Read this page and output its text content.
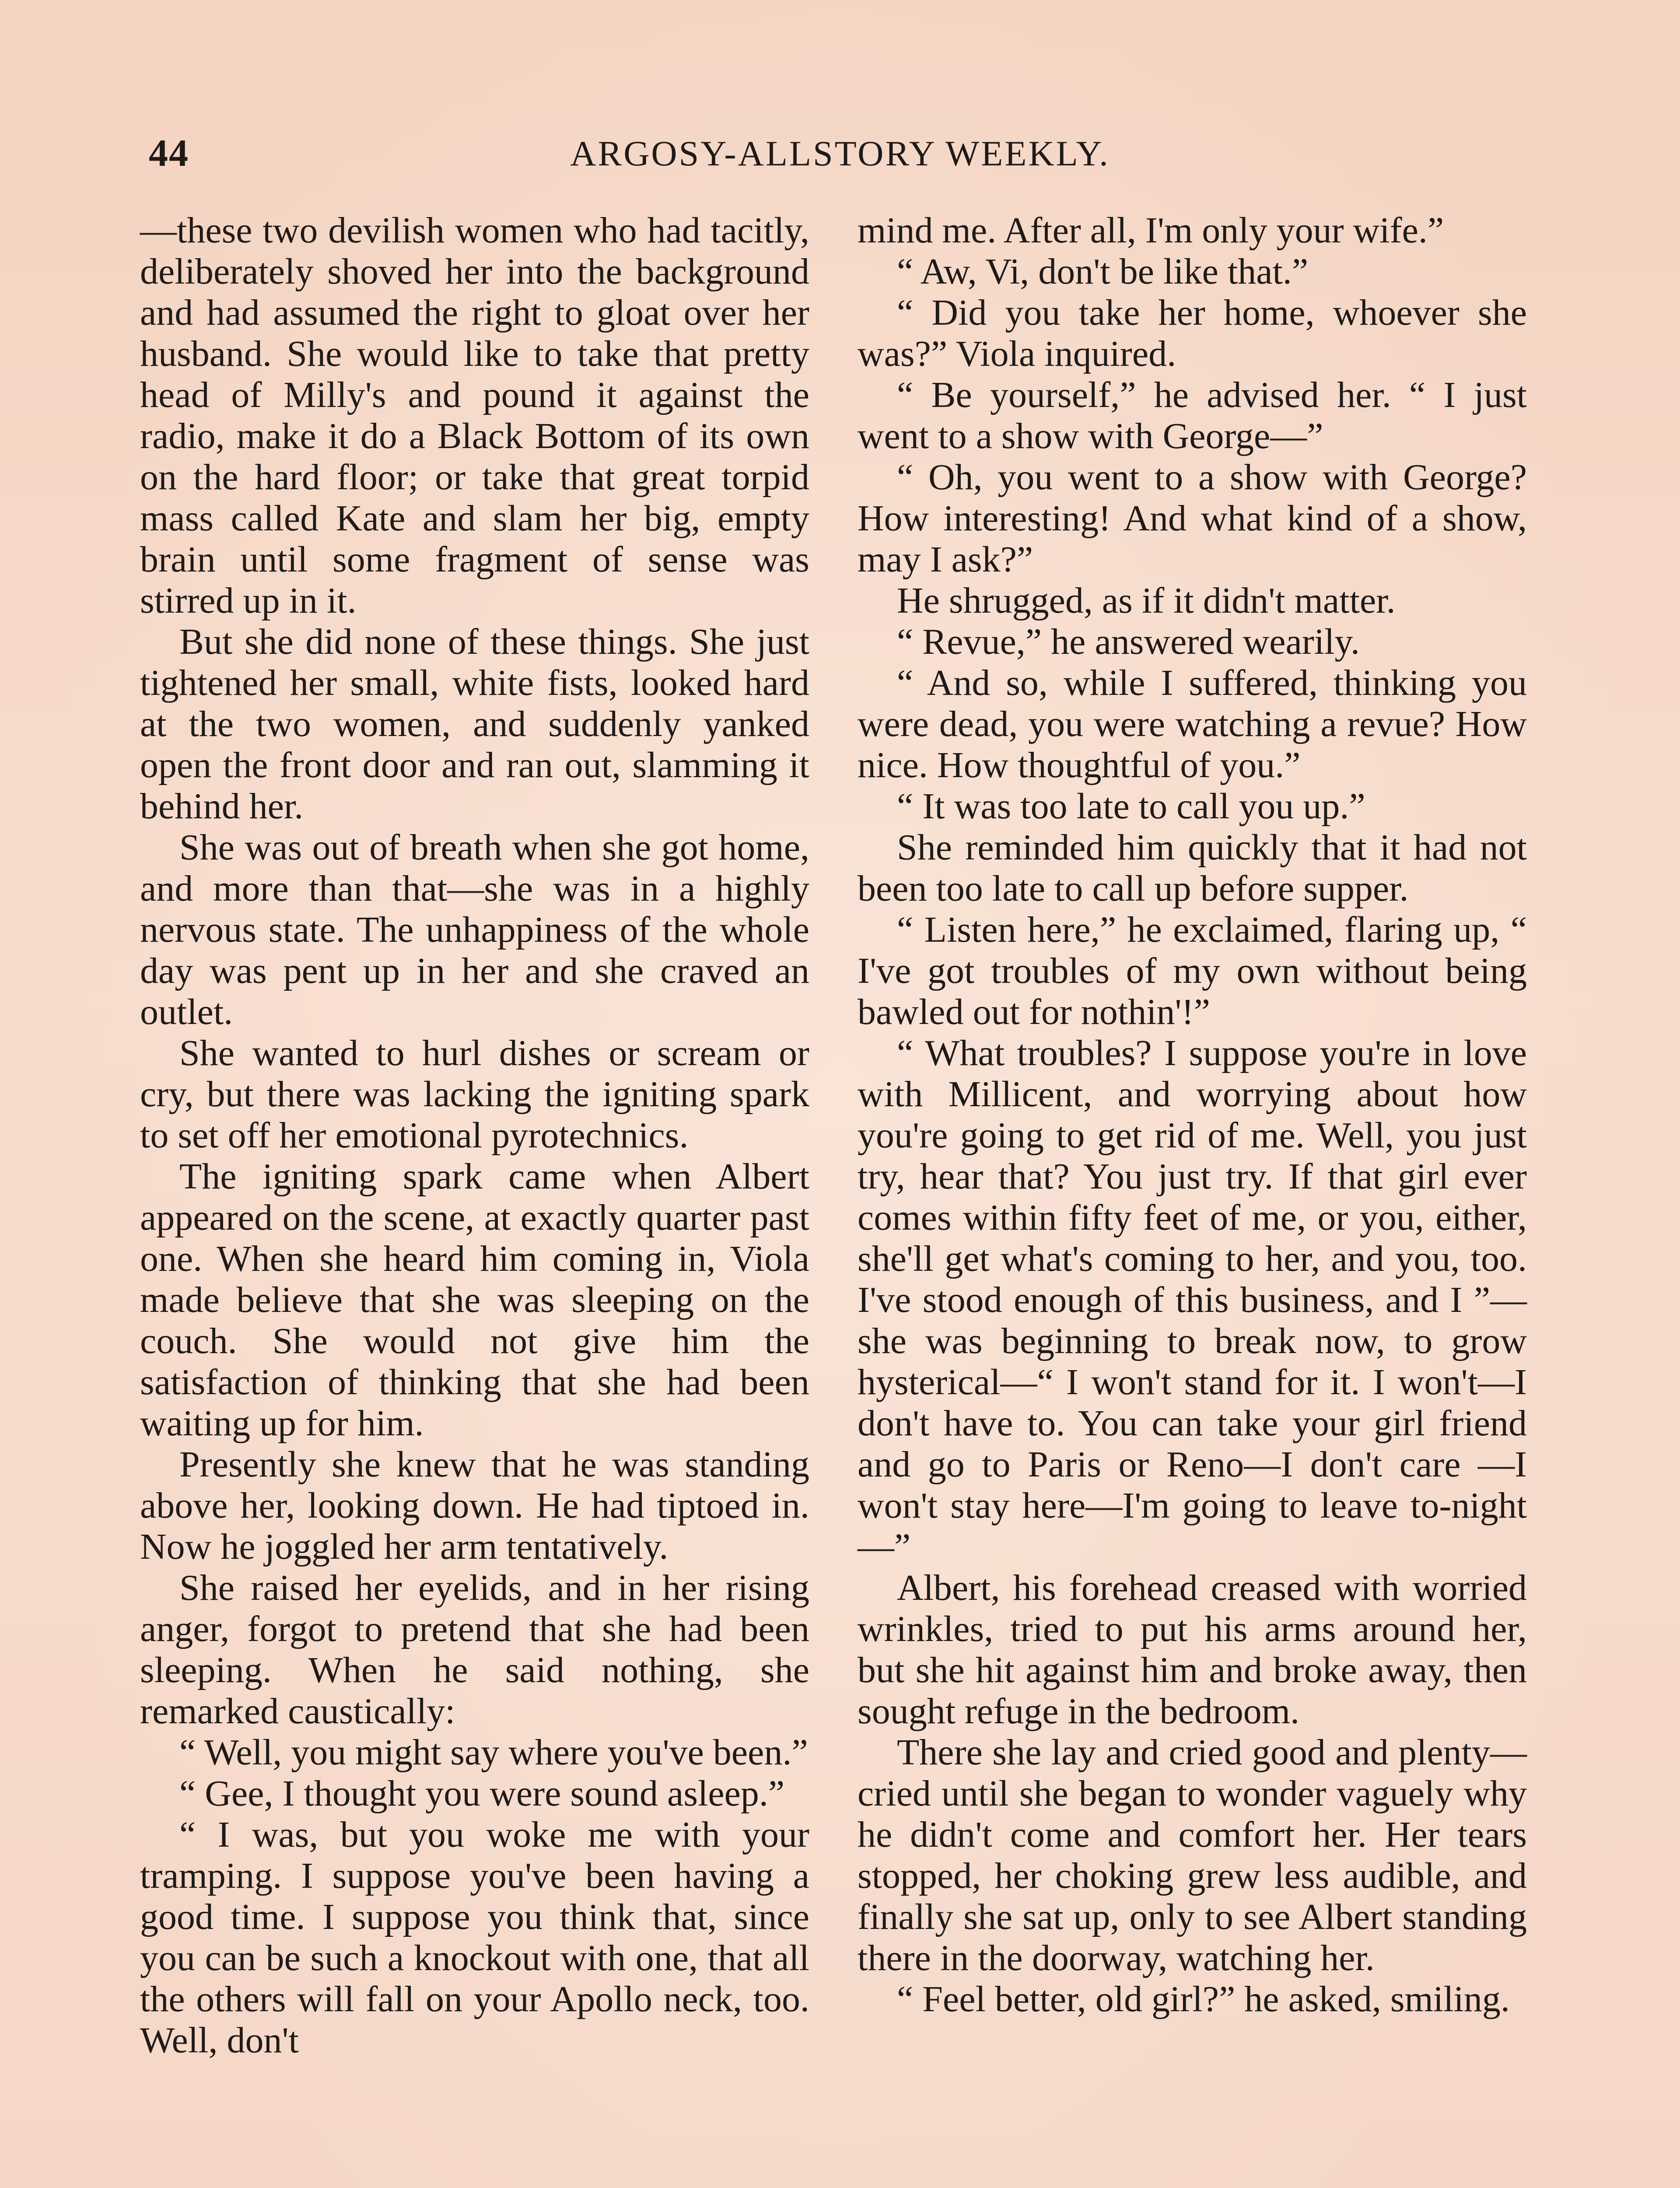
44	ARGOSY-ALLSTORY WEEKLY.

—these two devilish women who had tacitly, deliberately shoved her into the background and had assumed the right to gloat over her husband. She would like to take that pretty head of Milly's and pound it against the radio, make it do a Black Bottom of its own on the hard floor; or take that great torpid mass called Kate and slam her big, empty brain until some fragment of sense was stirred up in it.

But she did none of these things. She just tightened her small, white fists, looked hard at the two women, and suddenly yanked open the front door and ran out, slamming it behind her.

She was out of breath when she got home, and more than that—she was in a highly nervous state. The unhappiness of the whole day was pent up in her and she craved an outlet.

She wanted to hurl dishes or scream or cry, but there was lacking the igniting spark to set off her emotional pyrotechnics.

The igniting spark came when Albert appeared on the scene, at exactly quarter past one. When she heard him coming in, Viola made believe that she was sleeping on the couch. She would not give him the satisfaction of thinking that she had been waiting up for him.

Presently she knew that he was standing above her, looking down. He had tiptoed in. Now he joggled her arm tentatively.

She raised her eyelids, and in her rising anger, forgot to pretend that she had been sleeping. When he said nothing, she remarked caustically:

“ Well, you might say where you've been.”

“ Gee, I thought you were sound asleep.”

“ I was, but you woke me with your tramping. I suppose you've been having a good time. I suppose you think that, since you can be such a knockout with one, that all the others will fall on your Apollo neck, too. Well, don't

mind me. After all, I'm only your wife.”

“ Aw, Vi, don't be like that.”

“ Did you take her home, whoever she was?” Viola inquired.

“ Be yourself,” he advised her. “ I just went to a show with George—”

“ Oh, you went to a show with George? How interesting! And what kind of a show, may I ask?”

He shrugged, as if it didn't matter.

“ Revue,” he answered wearily.

“ And so, while I suffered, thinking you were dead, you were watching a revue? How nice. How thoughtful of you.”

“ It was too late to call you up.”

She reminded him quickly that it had not been too late to call up before supper.

“ Listen here,” he exclaimed, flaring up, “ I've got troubles of my own without being bawled out for nothin'!”

“ What troubles? I suppose you're in love with Millicent, and worrying about how you're going to get rid of me. Well, you just try, hear that? You just try. If that girl ever comes within fifty feet of me, or you, either, she'll get what's coming to her, and you, too. I've stood enough of this business, and I ”—she was beginning to break now, to grow hysterical—“ I won't stand for it. I won't—I don't have to. You can take your girl friend and go to Paris or Reno—I don't care —I won't stay here—I'm going to leave to-night—”

Albert, his forehead creased with worried wrinkles, tried to put his arms around her, but she hit against him and broke away, then sought refuge in the bedroom.

There she lay and cried good and plenty—cried until she began to wonder vaguely why he didn't come and comfort her. Her tears stopped, her choking grew less audible, and finally she sat up, only to see Albert standing there in the doorway, watching her.

“ Feel better, old girl?” he asked, smiling.
